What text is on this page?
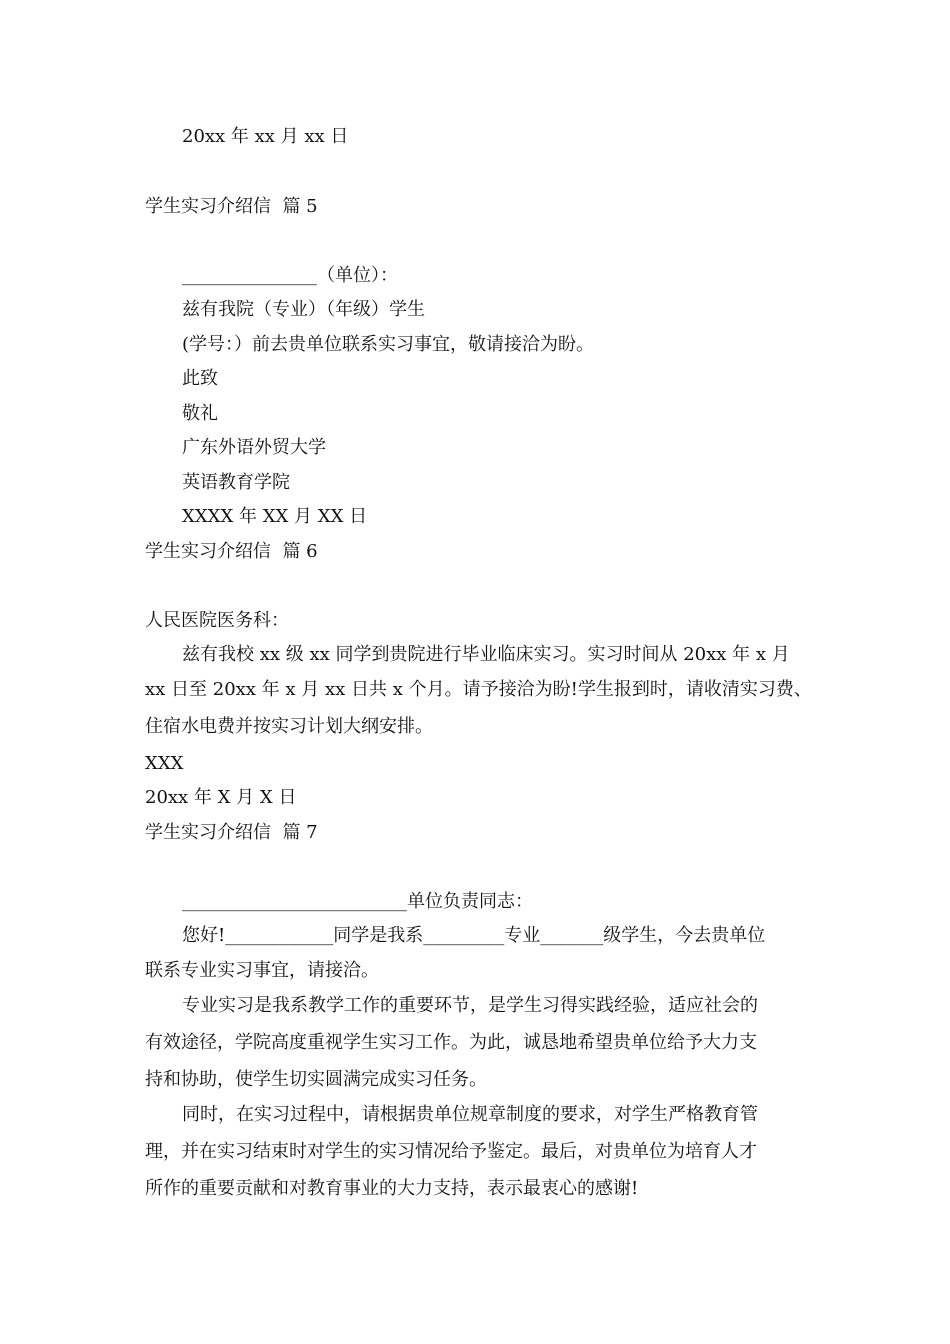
20xx 年 xx 月 xx 日
学生实习介绍信  篇 5
_______________（单位）：
兹有我院（专业）（年级）学生
(学号：）前去贵单位联系实习事宜，敬请接洽为盼。
此致
敬礼
广东外语外贸大学
英语教育学院
XXXX 年 XX 月 XX 日
学生实习介绍信  篇 6
人民医院医务科：
兹有我校 xx 级 xx 同学到贵院进行毕业临床实习。实习时间从 20xx 年 x 月
xx 日至 20xx 年 x 月 xx 日共 x 个月。请予接洽为盼!学生报到时，请收清实习费、
住宿水电费并按实习计划大纲安排。
XXX
20xx 年 X 月 X 日
学生实习介绍信  篇 7
_________________________单位负责同志：
您好!____________同学是我系_________专业_______级学生，今去贵单位
联系专业实习事宜，请接洽。
专业实习是我系教学工作的重要环节，是学生习得实践经验，适应社会的
有效途径，学院高度重视学生实习工作。为此，诚恳地希望贵单位给予大力支
持和协助，使学生切实圆满完成实习任务。
同时，在实习过程中，请根据贵单位规章制度的要求，对学生严格教育管
理，并在实习结束时对学生的实习情况给予鉴定。最后，对贵单位为培育人才
所作的重要贡献和对教育事业的大力支持，表示最衷心的感谢!
